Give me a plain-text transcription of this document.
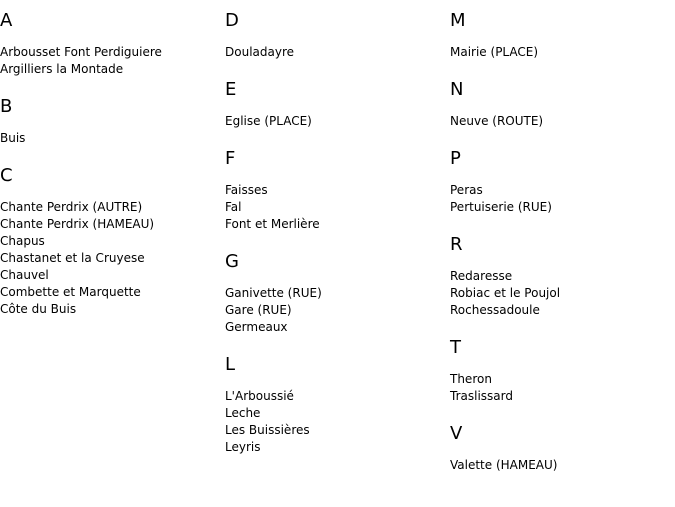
A
Arbousset Font Perdiguiere
Argilliers la Montade
B
Buis
C
Chante Perdrix (AUTRE)
Chante Perdrix (HAMEAU)
Chapus
Chastanet et la Cruyese
Chauvel
Combette et Marquette
Côte du Buis
D
Douladayre
E
Eglise (PLACE)
F
Faisses
Fal
Font et Merlière
G
Ganivette (RUE)
Gare (RUE)
Germeaux
L
L'Arboussié
Leche
Les Buissières
Leyris
M
Mairie (PLACE)
N
Neuve (ROUTE)
P
Peras
Pertuiserie (RUE)
R
Redaresse
Robiac et le Poujol
Rochessadoule
T
Theron
Traslissard
V
Valette (HAMEAU)
